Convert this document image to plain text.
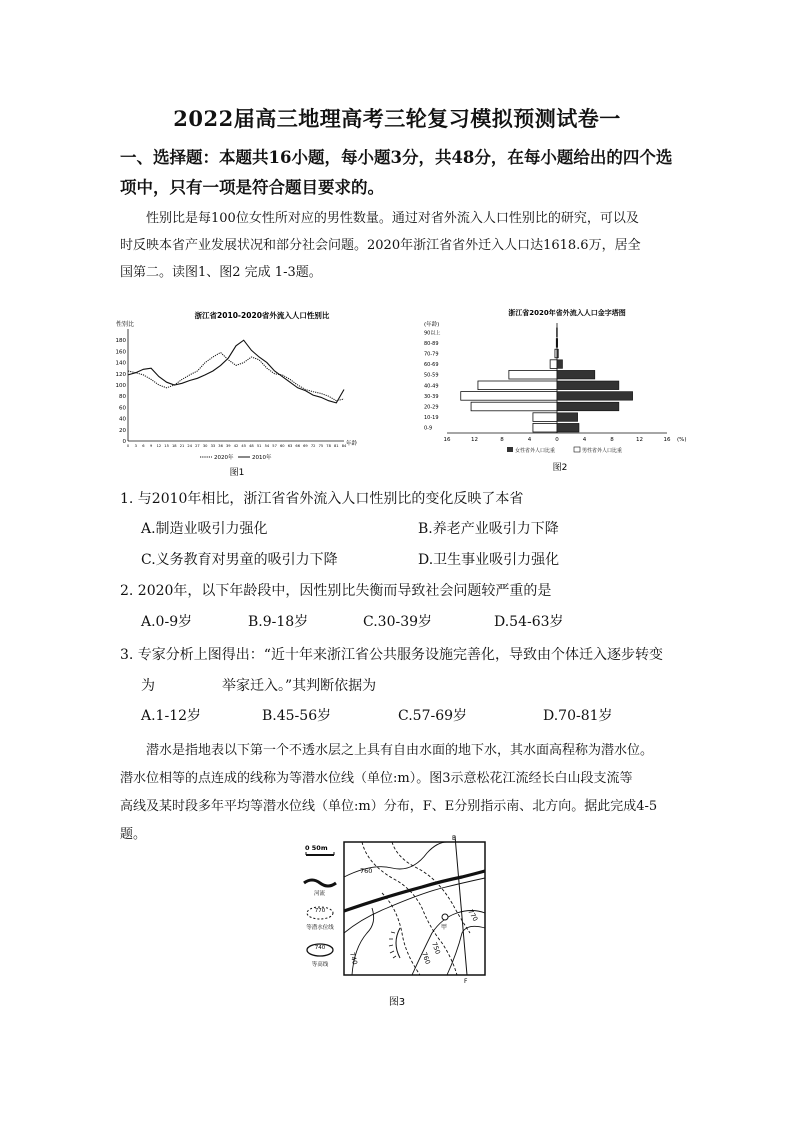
2022届高三地理高考三轮复习模拟预测试卷一
一、选择题：本题共16小题，每小题3分，共48分，在每小题给出的四个选
项中，只有一项是符合题目要求的。
性别比是每100位女性所对应的男性数量。通过对省外流入人口性别比的研究，可以及
时反映本省产业发展状况和部分社会问题。2020年浙江省省外迁入人口达1618.6万，居全
国第二。读图1、图2 完成 1-3题。
浙江省2010-2020省外流入人口性别比
性别比
0
20
40
60
80
100
120
140
160
180
0 3 6 9 12 15 18 21 24 27 30 33 36 39 42 45 48 51 54 57 60 63 66 69 72 75 78 81 84 年龄
2020年	2010年
图1
浙江省2020年省外流入人口金字塔图
(年龄)
0-9
10-19
20-29
30-39
40-49
50-59
60-69
70-79
80-89
90以上
16	12	8	4	0	4	8	12	16 (%)
女性省外人口比重	男性省外人口比重
图2
1. 与2010年相比，浙江省省外流入人口性别比的变化反映了本省
A.制造业吸引力强化	B.养老产业吸引力下降
C.义务教育对男童的吸引力下降	D.卫生事业吸引力强化
2. 2020年，以下年龄段中，因性别比失衡而导致社会问题较严重的是
A.0-9岁	B.9-18岁	C.30-39岁	D.54-63岁
3. 专家分析上图得出：“近十年来浙江省公共服务设施完善化，导致由个体迁入逐步转变
为	举家迁入。”其判断依据为
A.1-12岁	B.45-56岁	C.57-69岁	D.70-81岁
潜水是指地表以下第一个不透水层之上具有自由水面的地下水，其水面高程称为潜水位。
潜水位相等的点连成的线称为等潜水位线（单位:m）。图3示意松花江流经长白山段支流等
高线及某时段多年平均等潜水位线（单位:m）分布，F、E分别指示南、北方向。据此完成4-5
题。
0 50m
河流
770
等潜水位线
740
等高线
E
F
甲
760
770
750
760
740
图3
